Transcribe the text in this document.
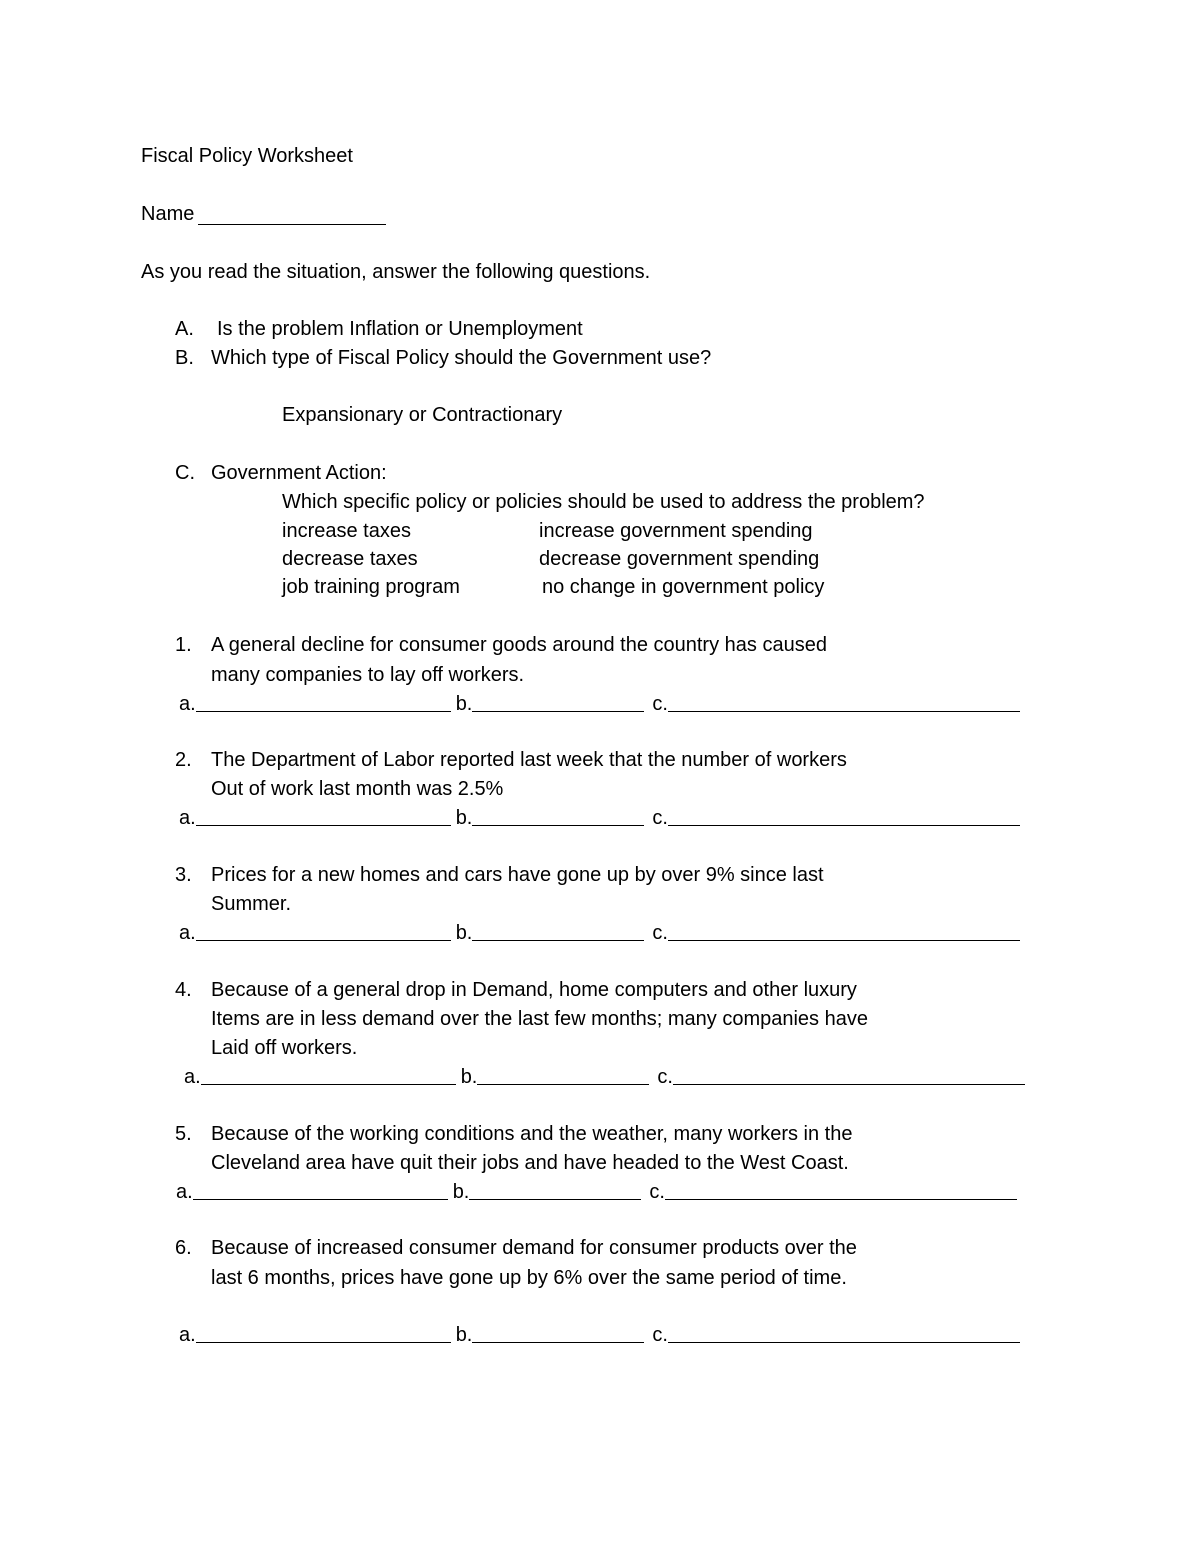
Fiscal Policy Worksheet
Name
As you read the situation, answer the following questions.
A. Is the problem Inflation or Unemployment
B. Which type of Fiscal Policy should the Government use?
Expansionary or Contractionary
C. Government Action:
Which specific policy or policies should be used to address the problem?
increase taxes	increase government spending
decrease taxes	decrease government spending
job training program	no change in government policy
1. A general decline for consumer goods around the country has caused
many companies to lay off workers.
a.	b.	c.
2. The Department of Labor reported last week that the number of workers
Out of work last month was 2.5%
a.	b.	c.
3. Prices for a new homes and cars have gone up by over 9% since last
Summer.
a.	b.	c.
4. Because of a general drop in Demand, home computers and other luxury
Items are in less demand over the last few months; many companies have
Laid off workers.
a.	b.	c.
5. Because of the working conditions and the weather, many workers in the
Cleveland area have quit their jobs and have headed to the West Coast.
a.	b.	c.
6. Because of increased consumer demand for consumer products over the
last 6 months, prices have gone up by 6% over the same period of time.
a.	b.	c.
